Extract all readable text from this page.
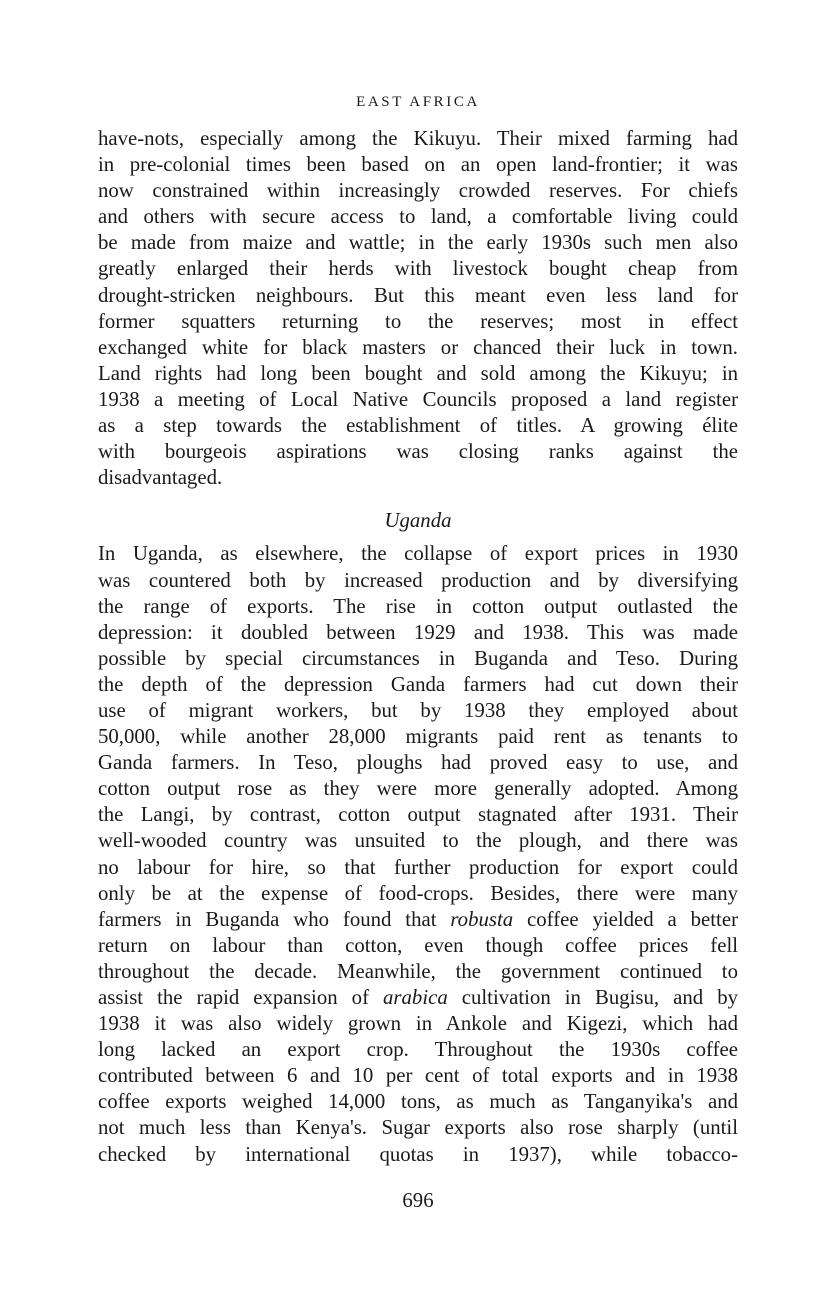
EAST AFRICA

have-nots, especially among the Kikuyu. Their mixed farming had
in pre-colonial times been based on an open land-frontier; it was
now constrained within increasingly crowded reserves. For chiefs
and others with secure access to land, a comfortable living could
be made from maize and wattle; in the early 1930s such men also
greatly enlarged their herds with livestock bought cheap from
drought-stricken neighbours. But this meant even less land for
former squatters returning to the reserves; most in effect
exchanged white for black masters or chanced their luck in town.
Land rights had long been bought and sold among the Kikuyu; in
1938 a meeting of Local Native Councils proposed a land register
as a step towards the establishment of titles. A growing élite
with bourgeois aspirations was closing ranks against the
disadvantaged.

Uganda

In Uganda, as elsewhere, the collapse of export prices in 1930
was countered both by increased production and by diversifying
the range of exports. The rise in cotton output outlasted the
depression: it doubled between 1929 and 1938. This was made
possible by special circumstances in Buganda and Teso. During
the depth of the depression Ganda farmers had cut down their
use of migrant workers, but by 1938 they employed about
50,000, while another 28,000 migrants paid rent as tenants to
Ganda farmers. In Teso, ploughs had proved easy to use, and
cotton output rose as they were more generally adopted. Among
the Langi, by contrast, cotton output stagnated after 1931. Their
well-wooded country was unsuited to the plough, and there was
no labour for hire, so that further production for export could
only be at the expense of food-crops. Besides, there were many
farmers in Buganda who found that robusta coffee yielded a better
return on labour than cotton, even though coffee prices fell
throughout the decade. Meanwhile, the government continued to
assist the rapid expansion of arabica cultivation in Bugisu, and by
1938 it was also widely grown in Ankole and Kigezi, which had
long lacked an export crop. Throughout the 1930s coffee
contributed between 6 and 10 per cent of total exports and in 1938
coffee exports weighed 14,000 tons, as much as Tanganyika's and
not much less than Kenya's. Sugar exports also rose sharply (until
checked by international quotas in 1937), while tobacco-

696
